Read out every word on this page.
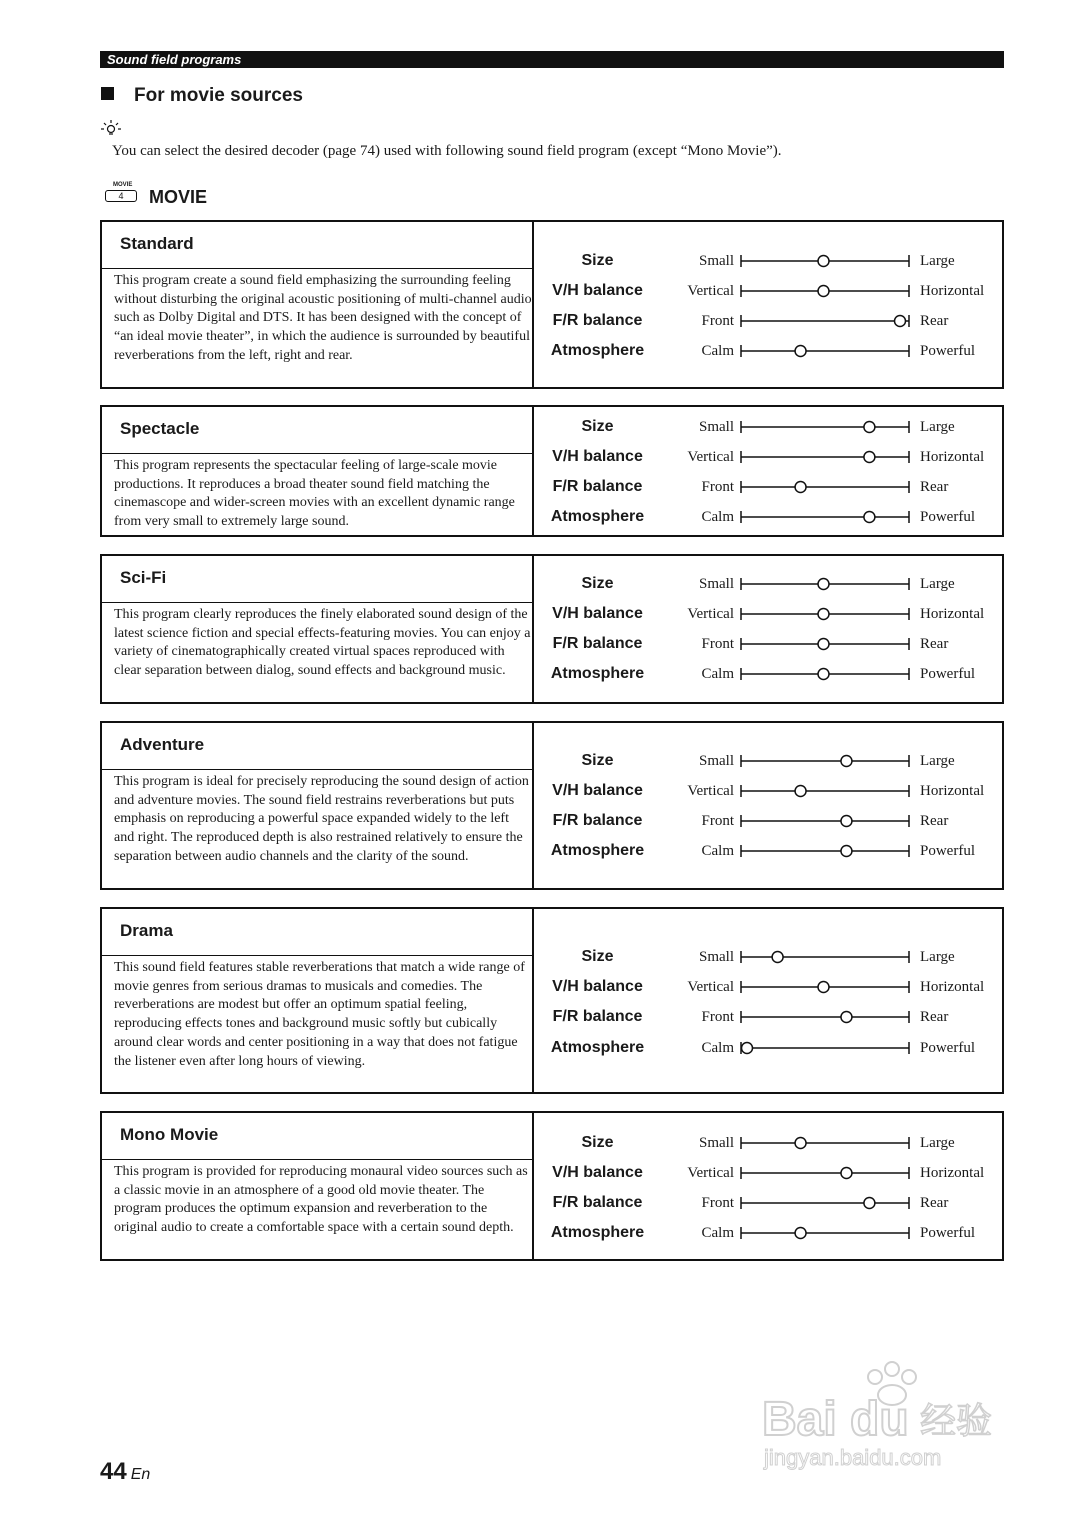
Sound field programs
For movie sources
You can select the desired decoder (page 74) used with following sound field program (except “Mono Movie”).
MOVIE
4	MOVIE
Standard
This program create a sound field emphasizing the surrounding feeling without disturbing the original acoustic positioning of multi-channel audio such as Dolby Digital and DTS. It has been designed with the concept of “an ideal movie theater”, in which the audience is surrounded by beautiful reverberations from the left, right and rear.
Size	Small	Large
V/H balance	Vertical	Horizontal
F/R balance	Front	Rear
Atmosphere	Calm	Powerful
Spectacle
This program represents the spectacular feeling of large-scale movie productions. It reproduces a broad theater sound field matching the cinemascope and wider-screen movies with an excellent dynamic range from very small to extremely large sound.
Size	Small	Large
V/H balance	Vertical	Horizontal
F/R balance	Front	Rear
Atmosphere	Calm	Powerful
Sci-Fi
This program clearly reproduces the finely elaborated sound design of the latest science fiction and special effects-featuring movies. You can enjoy a variety of cinematographically created virtual spaces reproduced with clear separation between dialog, sound effects and background music.
Size	Small	Large
V/H balance	Vertical	Horizontal
F/R balance	Front	Rear
Atmosphere	Calm	Powerful
Adventure
This program is ideal for precisely reproducing the sound design of action and adventure movies. The sound field restrains reverberations but puts emphasis on reproducing a powerful space expanded widely to the left and right. The reproduced depth is also restrained relatively to ensure the separation between audio channels and the clarity of the sound.
Size	Small	Large
V/H balance	Vertical	Horizontal
F/R balance	Front	Rear
Atmosphere	Calm	Powerful
Drama
This sound field features stable reverberations that match a wide range of movie genres from serious dramas to musicals and comedies. The reverberations are modest but offer an optimum spatial feeling, reproducing effects tones and background music softly but cubically around clear words and center positioning in a way that does not fatigue the listener even after long hours of viewing.
Size	Small	Large
V/H balance	Vertical	Horizontal
F/R balance	Front	Rear
Atmosphere	Calm	Powerful
Mono Movie
This program is provided for reproducing monaural video sources such as a classic movie in an atmosphere of a good old movie theater. The program produces the optimum expansion and reverberation to the original audio to create a comfortable space with a certain sound depth.
Size	Small	Large
V/H balance	Vertical	Horizontal
F/R balance	Front	Rear
Atmosphere	Calm	Powerful
44 En
Bai du 经验
jingyan.baidu.com
